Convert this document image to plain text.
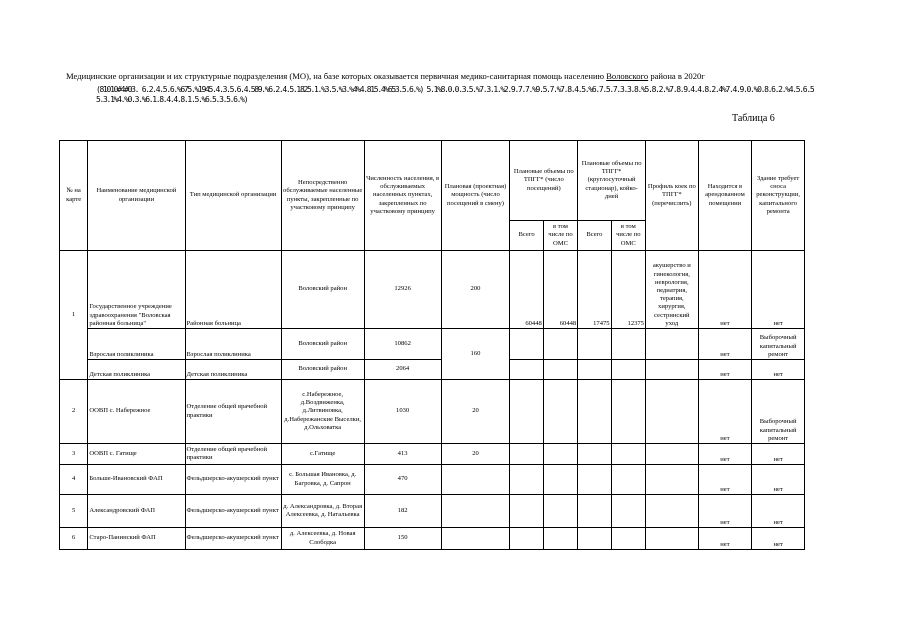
Медицинские организации и их структурные подразделения (МО), на базе которых оказывается первичная медико-санитарная помощь населению Воловского района в 2020г
(81010#4#03. 6.2.4.5.6.%675.%1945.4.3.5.6.4.589.%6.2.4.5.1825.1.%3.5.%3.%4%4.815.4%653.5.6.%) 5.1%8.0.0.3.5.%7.3.1.%2.9.7.7.%9.5.7.%7.8.4.5.%6.7.5.7.3.3.8.%5.8.2.%7.8.9.4.4.8.2.4%7.4.9.0.%0.8.6.2.%4.5.6.5
5.3.1%4.%0.3.%6.1.8.4.4.8.1.5.%6.5.3.5.6.%)
Таблица 6
№ на карте	Наименование медицинской организации	Тип медицинской организации	Непосредственно обслуживаемые населенные пункты, закрепленные по участковому принципу	Численность населения, в обслуживаемых населенных пунктах, закрепленных по участковому принципу	Плановая (проектная) мощность (число посещений в смену)	Плановые объемы по ТПГГ* (число посещений)		Плановые объемы по ТПГГ* (круглосуточный стационар), койко-дней		Профиль коек по ТПГГ* (перечислить)	Находится в арендованном помещении	Здание требует сноса реконструкции, капитального ремонта
						Всего	в том числе по ОМС	Всего	в том числе по ОМС			
1	Государственное учреждение здравоохранения "Воловская районная больница"	Районная больница	Воловский район	12926	200	60448	60448	17475	12375	акушерство и гинекология, неврология, педиатрия, терапия, хирургия, сестринский уход	нет	нет
	Взрослая поликлиника	Взрослая поликлиника	Воловский район	10862	160						нет	Выборочный капитальный ремонт
	Детская поликлиника	Детская поликлиника	Воловский район	2064							нет	нет
2	ООВП с. Набережное	Отделение общей врачебной практики	с.Набережное, д.Воздвиженка, д.Литвиновка, д.Набережанские Выселки, д.Ольховатка	1030	20						нет	Выборочный капитальный ремонт
3	ООВП с. Гатище	Отделение общей врачебной практики	с.Гатище	413	20						нет	нет
4	Больше-Ивановский ФАП	Фельдшерско-акушерский пункт	с. Большая Ивановка, д. Багровка, д. Сапрон	470							нет	нет
5	Александровский ФАП	Фельдшерско-акушерский пункт	д. Александровка, д. Вторая Алексеевка, д. Натальевка	182							нет	нет
6	Старо-Панинский ФАП	Фельдшерско-акушерский пункт	д. Алексеевка, д. Новая Слободка	150							нет	нет
